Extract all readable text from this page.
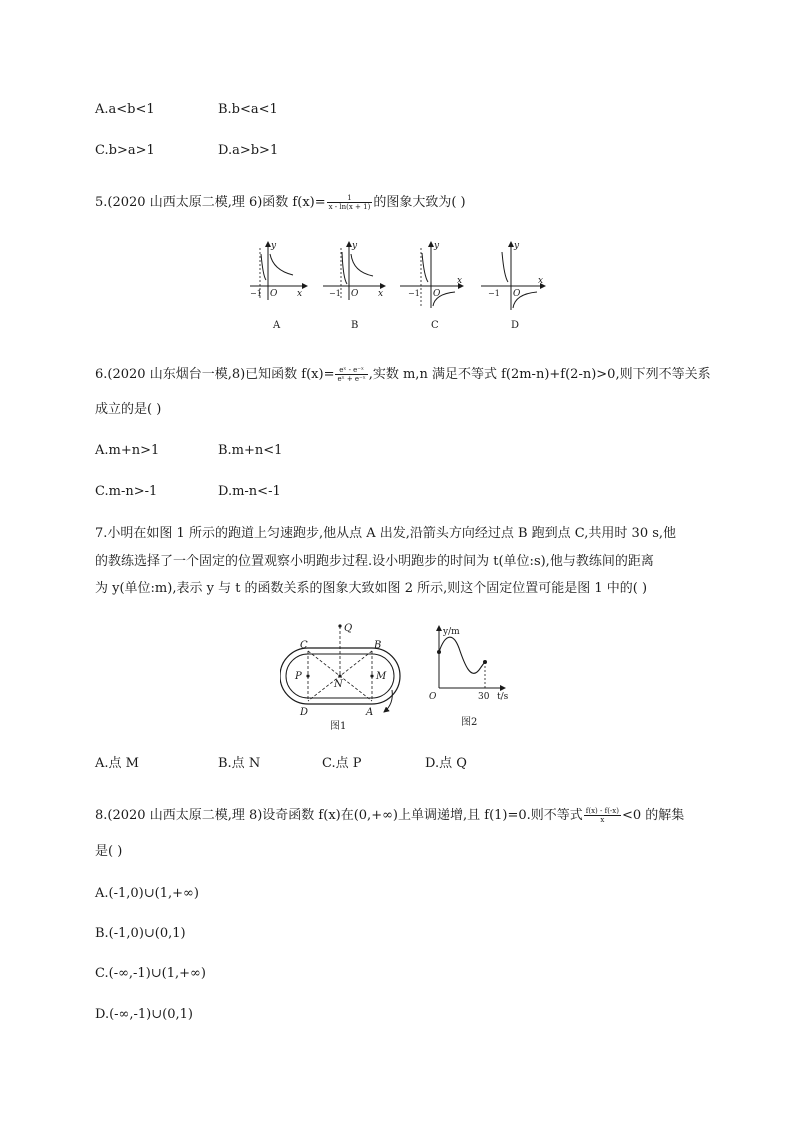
A.a<b<1	B.b<a<1
C.b>a>1	D.a>b>1
5.(2020 山西太原二模,理 6)函数 $f(x)= \frac{1}{x - \ln(x + 1)}$ 的图象大致为( )
y
x
O
−1
A
y
x
O
−1
B
y
x
O
−1
C
y
x
O
−1
D
6.(2020 山东烟台一模,8)已知函数 $f(x)= \frac{\text{eˣ - e⁻ˣ}}{\text{eˣ + e⁻ˣ}}$ ,实数 m,n 满足不等式 f(2m-n)+f(2-n)>0,则下列不等关系
成立的是( )
A.m+n>1	B.m+n<1
C.m-n>-1	D.m-n<-1
7.小明在如图 1 所示的跑道上匀速跑步,他从点 A 出发,沿箭头方向经过点 B 跑到点 C,共用时 30 s,他
的教练选择了一个固定的位置观察小明跑步过程.设小明跑步的时间为 t(单位:s),他与教练间的距离
为 y(单位:m),表示 y 与 t 的函数关系的图象大致如图 2 所示,则这个固定位置可能是图 1 中的( )
Q
C	B
P
N
M
D	A
图1
y/m
O	30 t/s
图2
A.点 M	B.点 N	C.点 P	D.点 Q
8.(2020 山西太原二模,理 8)设奇函数 f(x)在(0,+∞)上单调递增,且 f(1)=0.则不等式 $\frac{f(x) - f(-x)}{x} <0$ 的解集
是( )
A.(-1,0)∪(1,+∞)
B.(-1,0)∪(0,1)
C.(-∞,-1)∪(1,+∞)
D.(-∞,-1)∪(0,1)
